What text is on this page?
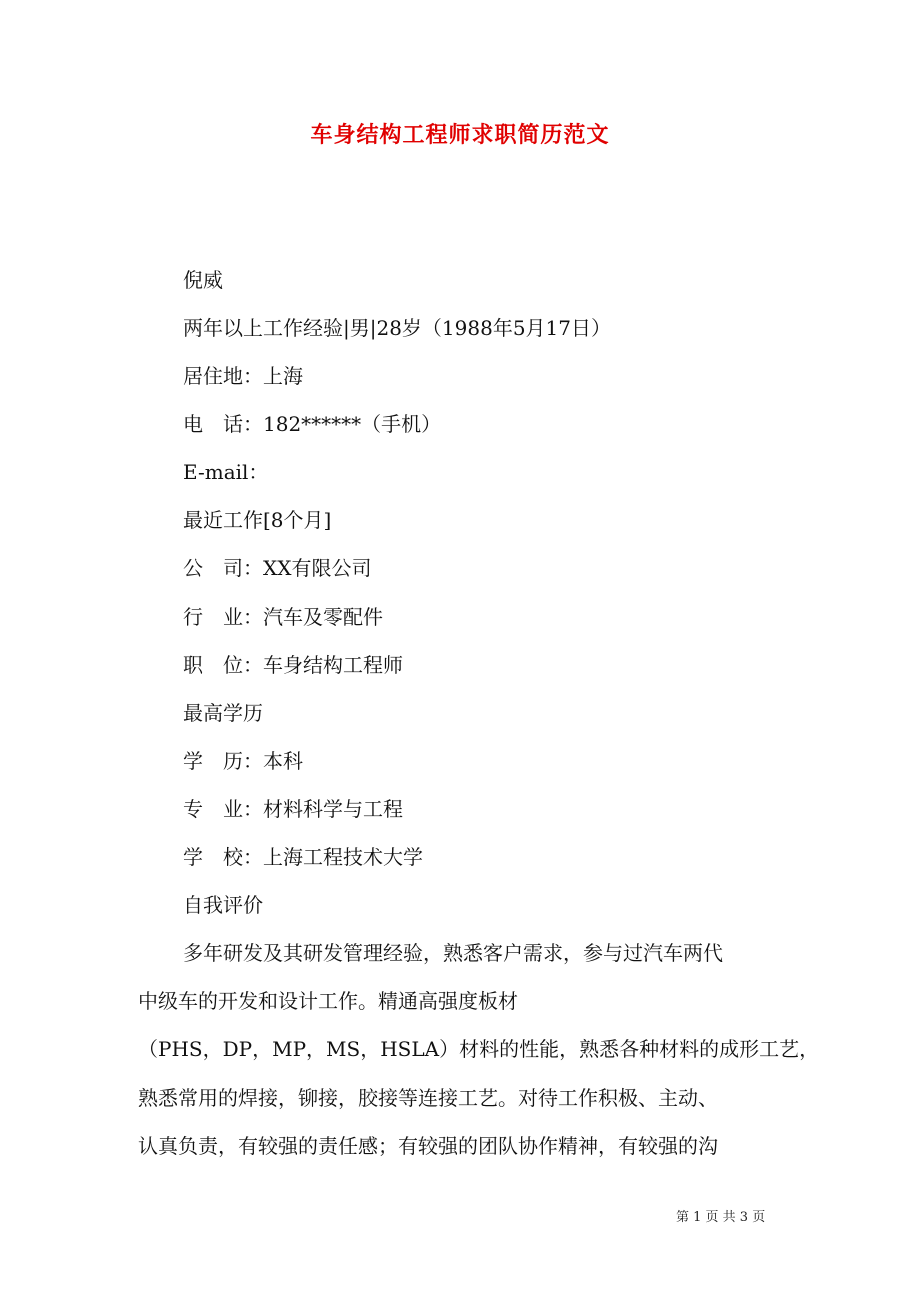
车身结构工程师求职简历范文
倪威
两年以上工作经验|男|28岁（1988年5月17日）
居住地：上海
电　话：182******（手机）
E-mail：
最近工作[8个月]
公　司：XX有限公司
行　业：汽车及零配件
职　位：车身结构工程师
最高学历
学　历：本科
专　业：材料科学与工程
学　校：上海工程技术大学
自我评价
多年研发及其研发管理经验，熟悉客户需求，参与过汽车两代
中级车的开发和设计工作。精通高强度板材
（PHS，DP，MP，MS，HSLA）材料的性能，熟悉各种材料的成形工艺，
熟悉常用的焊接，铆接，胶接等连接工艺。对待工作积极、主动、
认真负责，有较强的责任感；有较强的团队协作精神，有较强的沟
第 1 页 共 3 页
